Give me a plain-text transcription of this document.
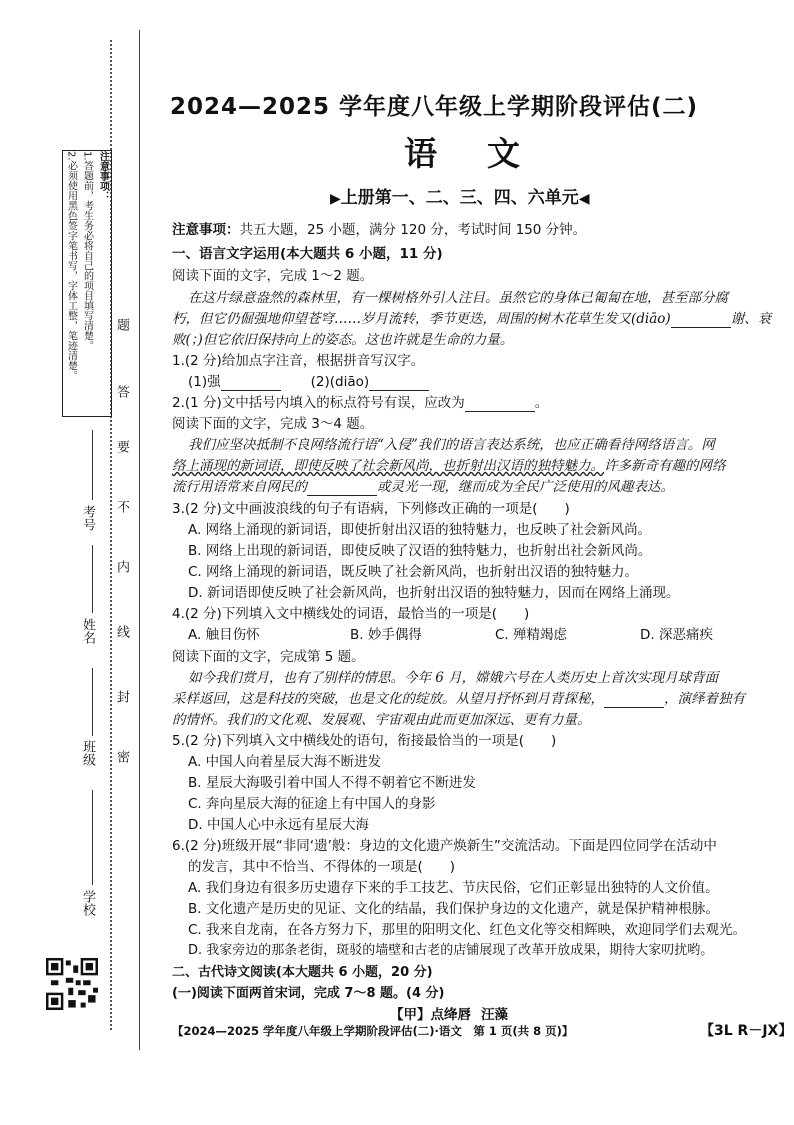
注意事项：
1.答题前，考生务必将自己的项目填写清楚。
2.必须使用黑色签字笔书写，字体工整，笔迹清楚。	题
答
要
不
内
线
封
密
考号
姓名
班级
学校
2024—2025 学年度八年级上学期阶段评估(二)
语文
▶上册第一、二、三、四、六单元◀
注意事项：共五大题，25 小题，满分 120 分，考试时间 150 分钟。
一、语言文字运用(本大题共 6 小题，11 分)
阅读下面的文字，完成 1～2 题。
在这片绿意盎然的森林里，有一棵树格外引人注目。虽然它的身体已匍匐在地，甚至部分腐
朽，但它仍倔强地仰望苍穹……岁月流转，季节更迭，周围的树木花草生发又(diāo)	谢、衰
败(；)但它依旧保持向上的姿态。这也许就是生命的力量。
1.(2 分)给加点字注音，根据拼音写汉字。
(1)强	(2)(diāo)
2.(1 分)文中括号内填入的标点符号有误，应改为	。
阅读下面的文字，完成 3～4 题。
我们应坚决抵制不良网络流行语“入侵”我们的语言表达系统，也应正确看待网络语言。网
络上涌现的新词语，即使反映了社会新风尚，也折射出汉语的独特魅力。许多新奇有趣的网络
流行用语常来自网民的	或灵光一现，继而成为全民广泛使用的风趣表达。
3.(2 分)文中画波浪线的句子有语病，下列修改正确的一项是(　　)
A. 网络上涌现的新词语，即使折射出汉语的独特魅力，也反映了社会新风尚。
B. 网络上出现的新词语，即使反映了汉语的独特魅力，也折射出社会新风尚。
C. 网络上涌现的新词语，既反映了社会新风尚，也折射出汉语的独特魅力。
D. 新词语即使反映了社会新风尚，也折射出汉语的独特魅力，因而在网络上涌现。
4.(2 分)下列填入文中横线处的词语，最恰当的一项是(　　)
A. 触目伤怀	B. 妙手偶得	C. 殚精竭虑	D. 深恶痛疾
阅读下面的文字，完成第 5 题。
如今我们赏月，也有了别样的情思。今年 6 月，嫦娥六号在人类历史上首次实现月球背面
采样返回，这是科技的突破，也是文化的绽放。从望月抒怀到月背探秘，	，演绎着独有
的情怀。我们的文化观、发展观、宇宙观由此而更加深远、更有力量。
5.(2 分)下列填入文中横线处的语句，衔接最恰当的一项是(　　)
A. 中国人向着星辰大海不断进发
B. 星辰大海吸引着中国人不得不朝着它不断进发
C. 奔向星辰大海的征途上有中国人的身影
D. 中国人心中永远有星辰大海
6.(2 分)班级开展“非同‘遗’般：身边的文化遗产焕新生”交流活动。下面是四位同学在活动中
的发言，其中不恰当、不得体的一项是(　　)
A. 我们身边有很多历史遗存下来的手工技艺、节庆民俗，它们正彰显出独特的人文价值。
B. 文化遗产是历史的见证、文化的结晶，我们保护身边的文化遗产，就是保护精神根脉。
C. 我来自龙南，在各方努力下，那里的阳明文化、红色文化等交相辉映，欢迎同学们去观光。
D. 我家旁边的那条老街，斑驳的墙壁和古老的店铺展现了改革开放成果，期待大家叨扰哟。
二、古代诗文阅读(本大题共 6 小题，20 分)
(一)阅读下面两首宋词，完成 7～8 题。(4 分)
【甲】点绛唇 汪藻
【2024—2025 学年度八年级上学期阶段评估(二)·语文　第 1 页(共 8 页)】	【3L R－JX】
